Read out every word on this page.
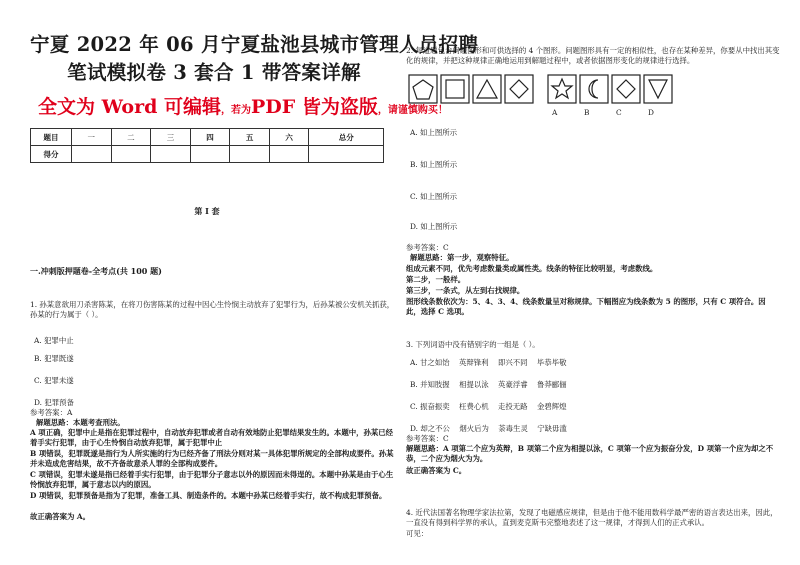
宁夏 2022 年 06 月宁夏盐池县城市管理人员招聘
笔试模拟卷 3 套合 1 带答案详解
全文为 Word 可编辑，若为PDF 皆为盗版，请谨慎购买！
题目	一	二	三	四	五	六	总分
得分							
第 I 套
一.冲刺版押题卷-全考点(共 100 题)
1. 孙某意欲用刀杀害陈某，在将刀伤害陈某的过程中因心生怜悯主动放弃了犯罪行为，后孙某被公安机关抓获，孙某的行为属于（ ）。
A. 犯罪中止
B. 犯罪既遂
C. 犯罪未遂
D. 犯罪预备
参考答案：A
解题思路：本题考查刑法。
A 项正确，犯罪中止是指在犯罪过程中，自动放弃犯罪或者自动有效地防止犯罪结果发生的。本题中，孙某已经着手实行犯罪，由于心生怜悯自动放弃犯罪，属于犯罪中止
B 项错误，犯罪既遂是指行为人所实施的行为已经齐备了刑法分则对某一具体犯罪所规定的全部构成要件。孙某并未造成危害结果，故不齐备故意杀人罪的全部构成要件。
C 项错误，犯罪未遂是指已经着手实行犯罪，由于犯罪分子意志以外的原因而未得逞的。本题中孙某是由于心生怜悯放弃犯罪，属于意志以内的原因。
D 项错误，犯罪预备是指为了犯罪，准备工具、制造条件的。本题中孙某已经着手实行，故不构成犯罪预备。
故正确答案为 A。
2. 每道题包含问题图形和可供选择的 4 个图形。问题图形具有一定的相似性，也存在某种差异，你要从中找出其变化的规律，并把这种规律正确地运用到解题过程中，或者依据图形变化的规律进行选择。
A	B	C	D
A. 如上图所示
B. 如上图所示
C. 如上图所示
D. 如上图所示
参考答案：C
解题思路：第一步，观察特征。
组成元素不同，优先考虑数量类或属性类。线条的特征比较明显，考虑数线。
第二步，一般样。
第三步，一条式，从左到右找规律。
图形线条数依次为：5、4、3、4、线条数量呈对称规律。下幅图应为线条数为 5 的图形，只有 C 项符合。因此，选择 C 选项。
3. 下列词语中没有错别字的一组是（ ）。
A. 甘之如饴    英辩锋利    即兴不同    毕恭毕敬
B. 并知肢握    相提以泳    英豪浮睿    鲁莽郦俪
C. 振奋振奕    枉费心机    走投无路    金碧辉煌
D. 却之不公    烟火后为    荼毒生灵    宁缺毋滥
参考答案：C
解题思路：A 项第二个应为英辩，B 项第二个应为相提以泳，C 项第一个应为振奋分发，D 项第一个应为却之不恭，二个应为烟火为为。
故正确答案为 C。
4. 近代法国著名物理学家法拉第，发现了电磁感应规律，但是由于他不能用数科学最严密的语言表达出来，因此，一直没有得到科学界的承认，直到麦克斯韦完整地表述了这一规律，才得到人们的正式承认。
可见：
